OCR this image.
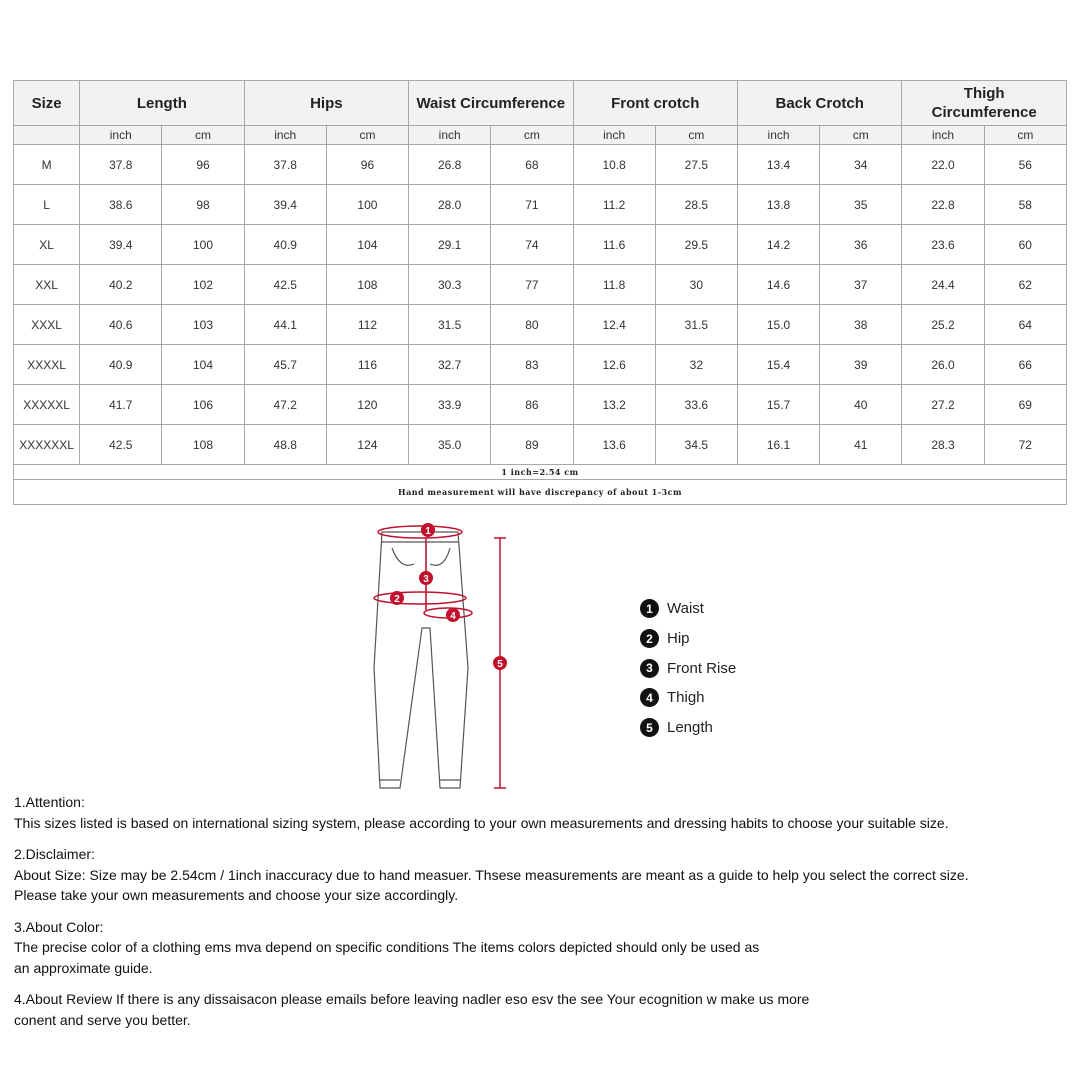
Size	Length		Hips		Waist Circumference		Front crotch		Back Crotch		Thigh
Circumference	
	inch	cm	inch	cm	inch	cm	inch	cm	inch	cm	inch	cm
M	37.8	96	37.8	96	26.8	68	10.8	27.5	13.4	34	22.0	56
L	38.6	98	39.4	100	28.0	71	11.2	28.5	13.8	35	22.8	58
XL	39.4	100	40.9	104	29.1	74	11.6	29.5	14.2	36	23.6	60
XXL	40.2	102	42.5	108	30.3	77	11.8	30	14.6	37	24.4	62
XXXL	40.6	103	44.1	112	31.5	80	12.4	31.5	15.0	38	25.2	64
XXXXL	40.9	104	45.7	116	32.7	83	12.6	32	15.4	39	26.0	66
XXXXXL	41.7	106	47.2	120	33.9	86	13.2	33.6	15.7	40	27.2	69
XXXXXXL	42.5	108	48.8	124	35.0	89	13.6	34.5	16.1	41	28.3	72
1 inch=2.54 cm												
Hand measurement will have discrepancy of about 1-3cm												
1
2
3
4
5
1 Waist
2 Hip
3 Front Rise
4 Thigh
5 Length
1.Attention:
This sizes listed is based on international sizing system, please according to your own measurements and dressing habits to choose your suitable size.
2.Disclaimer:
About Size: Size may be 2.54cm / 1inch inaccuracy due to hand measuer. Thsese measurements are meant as a guide to help you select the correct size.
Please take your own measurements and choose your size accordingly.
3.About Color:
The precise color of a clothing ems mva depend on specific conditions The items colors depicted should only be used as
an approximate guide.
4.About Review If there is any dissaisacon please emails before leaving nadler eso esv the see Your ecognition w make us more
conent and serve you better.
